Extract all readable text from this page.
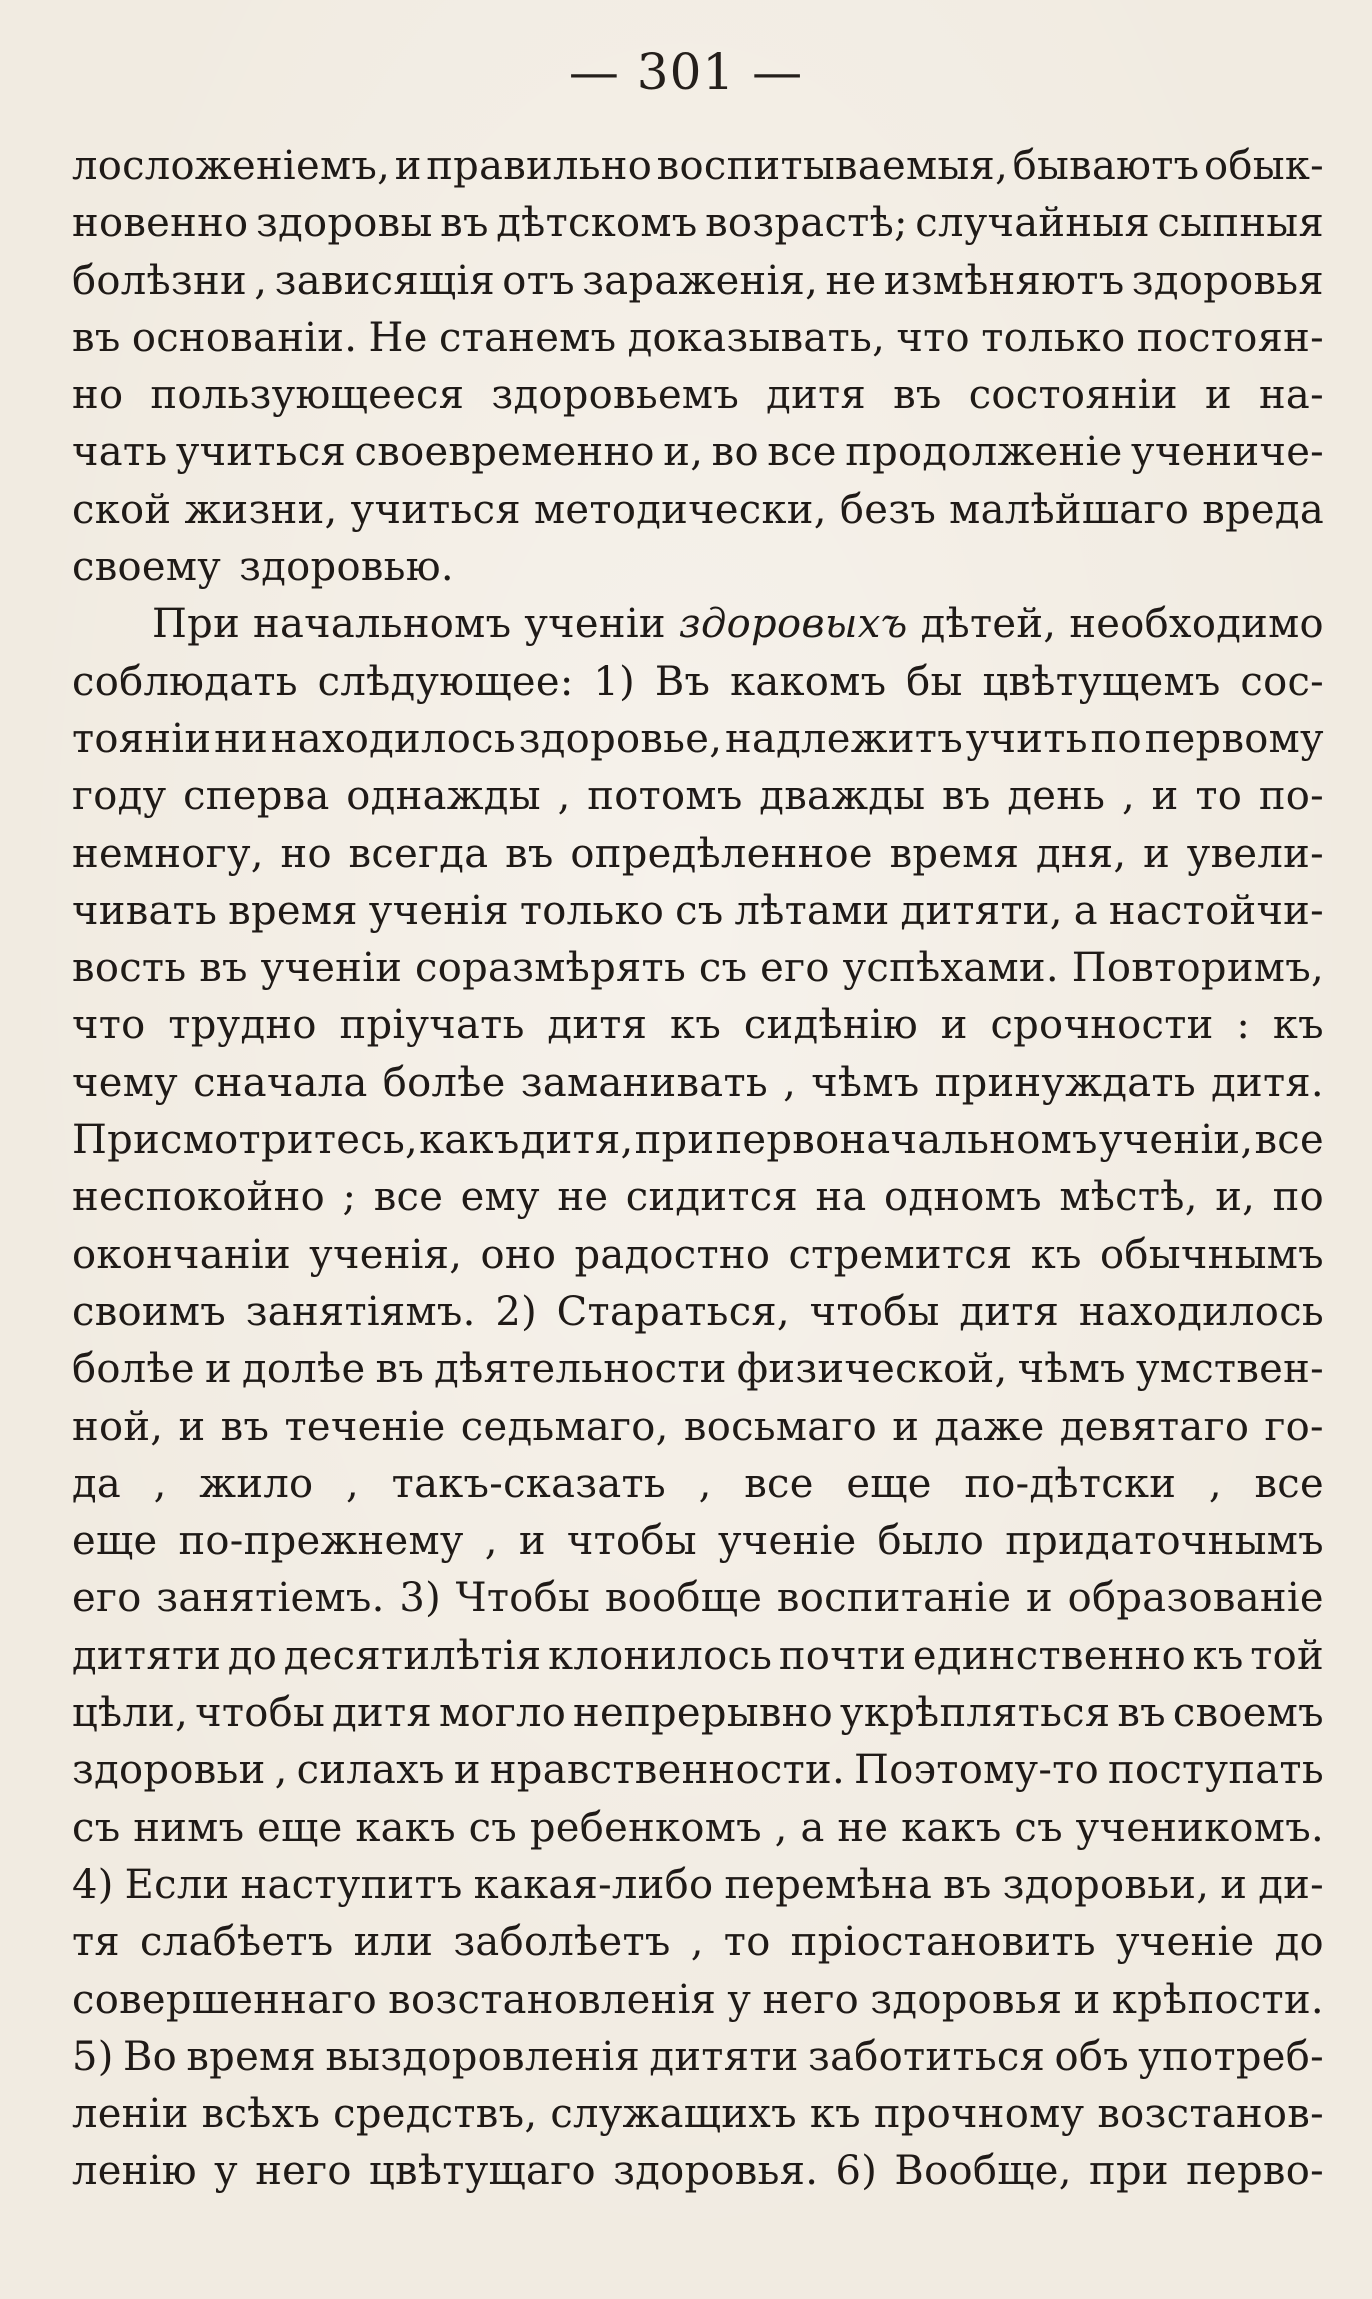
— 301 —
лосложеніемъ, и правильно воспитываемыя, бываютъ обык-
новенно здоровы въ дѣтскомъ возрастѣ; случайныя сыпныя
болѣзни , зависящія отъ зараженія, не измѣняютъ здоровья
въ основаніи. Не станемъ доказывать, что только постоян-
но пользующееся здоровьемъ дитя въ состояніи и на-
чать учиться своевременно и, во все продолженіе учениче-
ской жизни, учиться методически, безъ малѣйшаго вреда
своему здоровью.
При начальномъ ученіи здоровыхъ дѣтей, необходимо
соблюдать слѣдующее: 1) Въ какомъ бы цвѣтущемъ сос-
тояніи ни находилось здоровье, надлежитъ учить по первому
году сперва однажды , потомъ дважды въ день , и то по-
немногу, но всегда въ опредѣленное время дня, и увели-
чивать время ученія только съ лѣтами дитяти, а настойчи-
вость въ ученіи соразмѣрять съ его успѣхами. Повторимъ,
что трудно пріучать дитя къ сидѣнію и срочности : къ
чему сначала болѣе заманивать , чѣмъ принуждать дитя.
Присмотритесь, какъ дитя, при первоначальномъ ученіи, все
неспокойно ; все ему не сидится на одномъ мѣстѣ, и, по
окончаніи ученія, оно радостно стремится къ обычнымъ
своимъ занятіямъ. 2) Стараться, чтобы дитя находилось
болѣе и долѣе въ дѣятельности физической, чѣмъ умствен-
ной, и въ теченіе седьмаго, восьмаго и даже девятаго го-
да , жило , такъ-сказать , все еще по-дѣтски , все
еще по-прежнему , и чтобы ученіе было придаточнымъ
его занятіемъ. 3) Чтобы вообще воспитаніе и образованіе
дитяти до десятилѣтія клонилось почти единственно къ той
цѣли, чтобы дитя могло непрерывно укрѣпляться въ своемъ
здоровьи , силахъ и нравственности. Поэтому-то поступать
съ нимъ еще какъ съ ребенкомъ , а не какъ съ ученикомъ.
4) Если наступитъ какая-либо перемѣна въ здоровьи, и ди-
тя слабѣетъ или заболѣетъ , то пріостановить ученіе до
совершеннаго возстановленія у него здоровья и крѣпости.
5) Во время выздоровленія дитяти заботиться объ употреб-
леніи всѣхъ средствъ, служащихъ къ прочному возстанов-
ленію у него цвѣтущаго здоровья. 6) Вообще, при перво-
